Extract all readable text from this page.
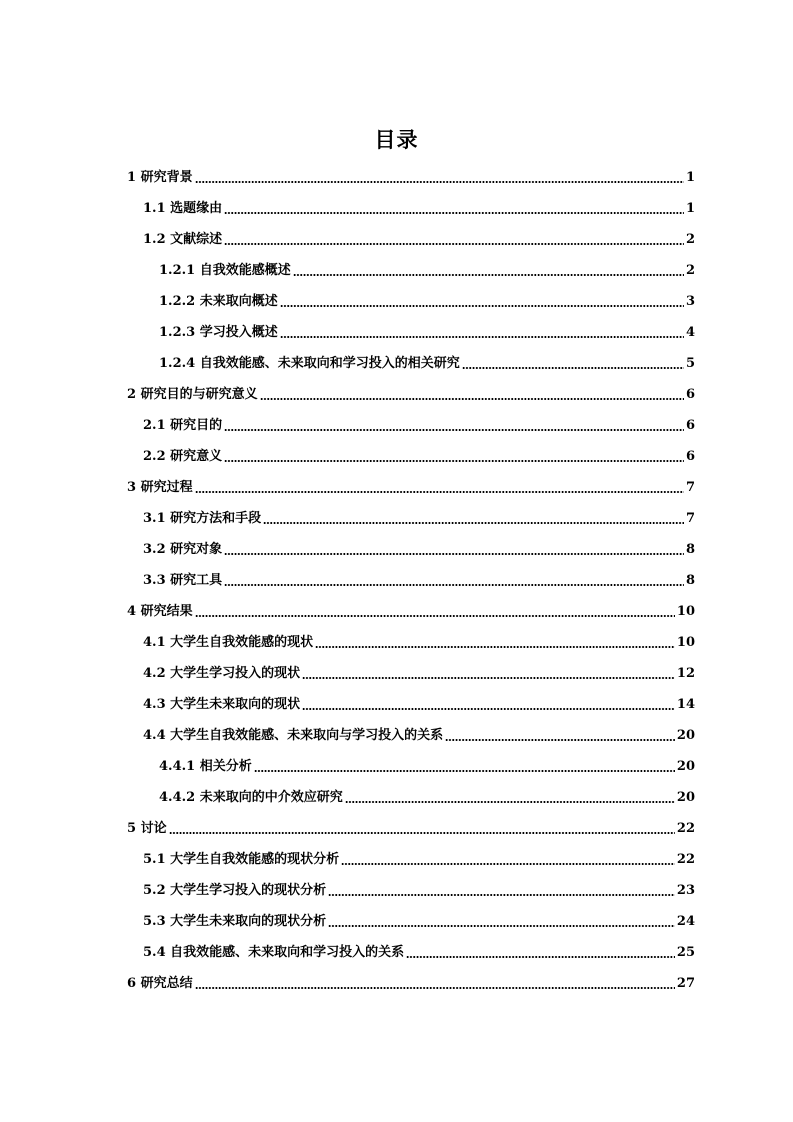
目录
1 研究背景	1
1.1 选题缘由	1
1.2 文献综述	2
1.2.1 自我效能感概述	2
1.2.2 未来取向概述	3
1.2.3 学习投入概述	4
1.2.4 自我效能感、未来取向和学习投入的相关研究	5
2 研究目的与研究意义	6
2.1 研究目的	6
2.2 研究意义	6
3 研究过程	7
3.1 研究方法和手段	7
3.2 研究对象	8
3.3 研究工具	8
4 研究结果	10
4.1 大学生自我效能感的现状	10
4.2 大学生学习投入的现状	12
4.3 大学生未来取向的现状	14
4.4 大学生自我效能感、未来取向与学习投入的关系	20
4.4.1 相关分析	20
4.4.2 未来取向的中介效应研究	20
5 讨论	22
5.1 大学生自我效能感的现状分析	22
5.2 大学生学习投入的现状分析	23
5.3 大学生未来取向的现状分析	24
5.4 自我效能感、未来取向和学习投入的关系	25
6 研究总结	27
